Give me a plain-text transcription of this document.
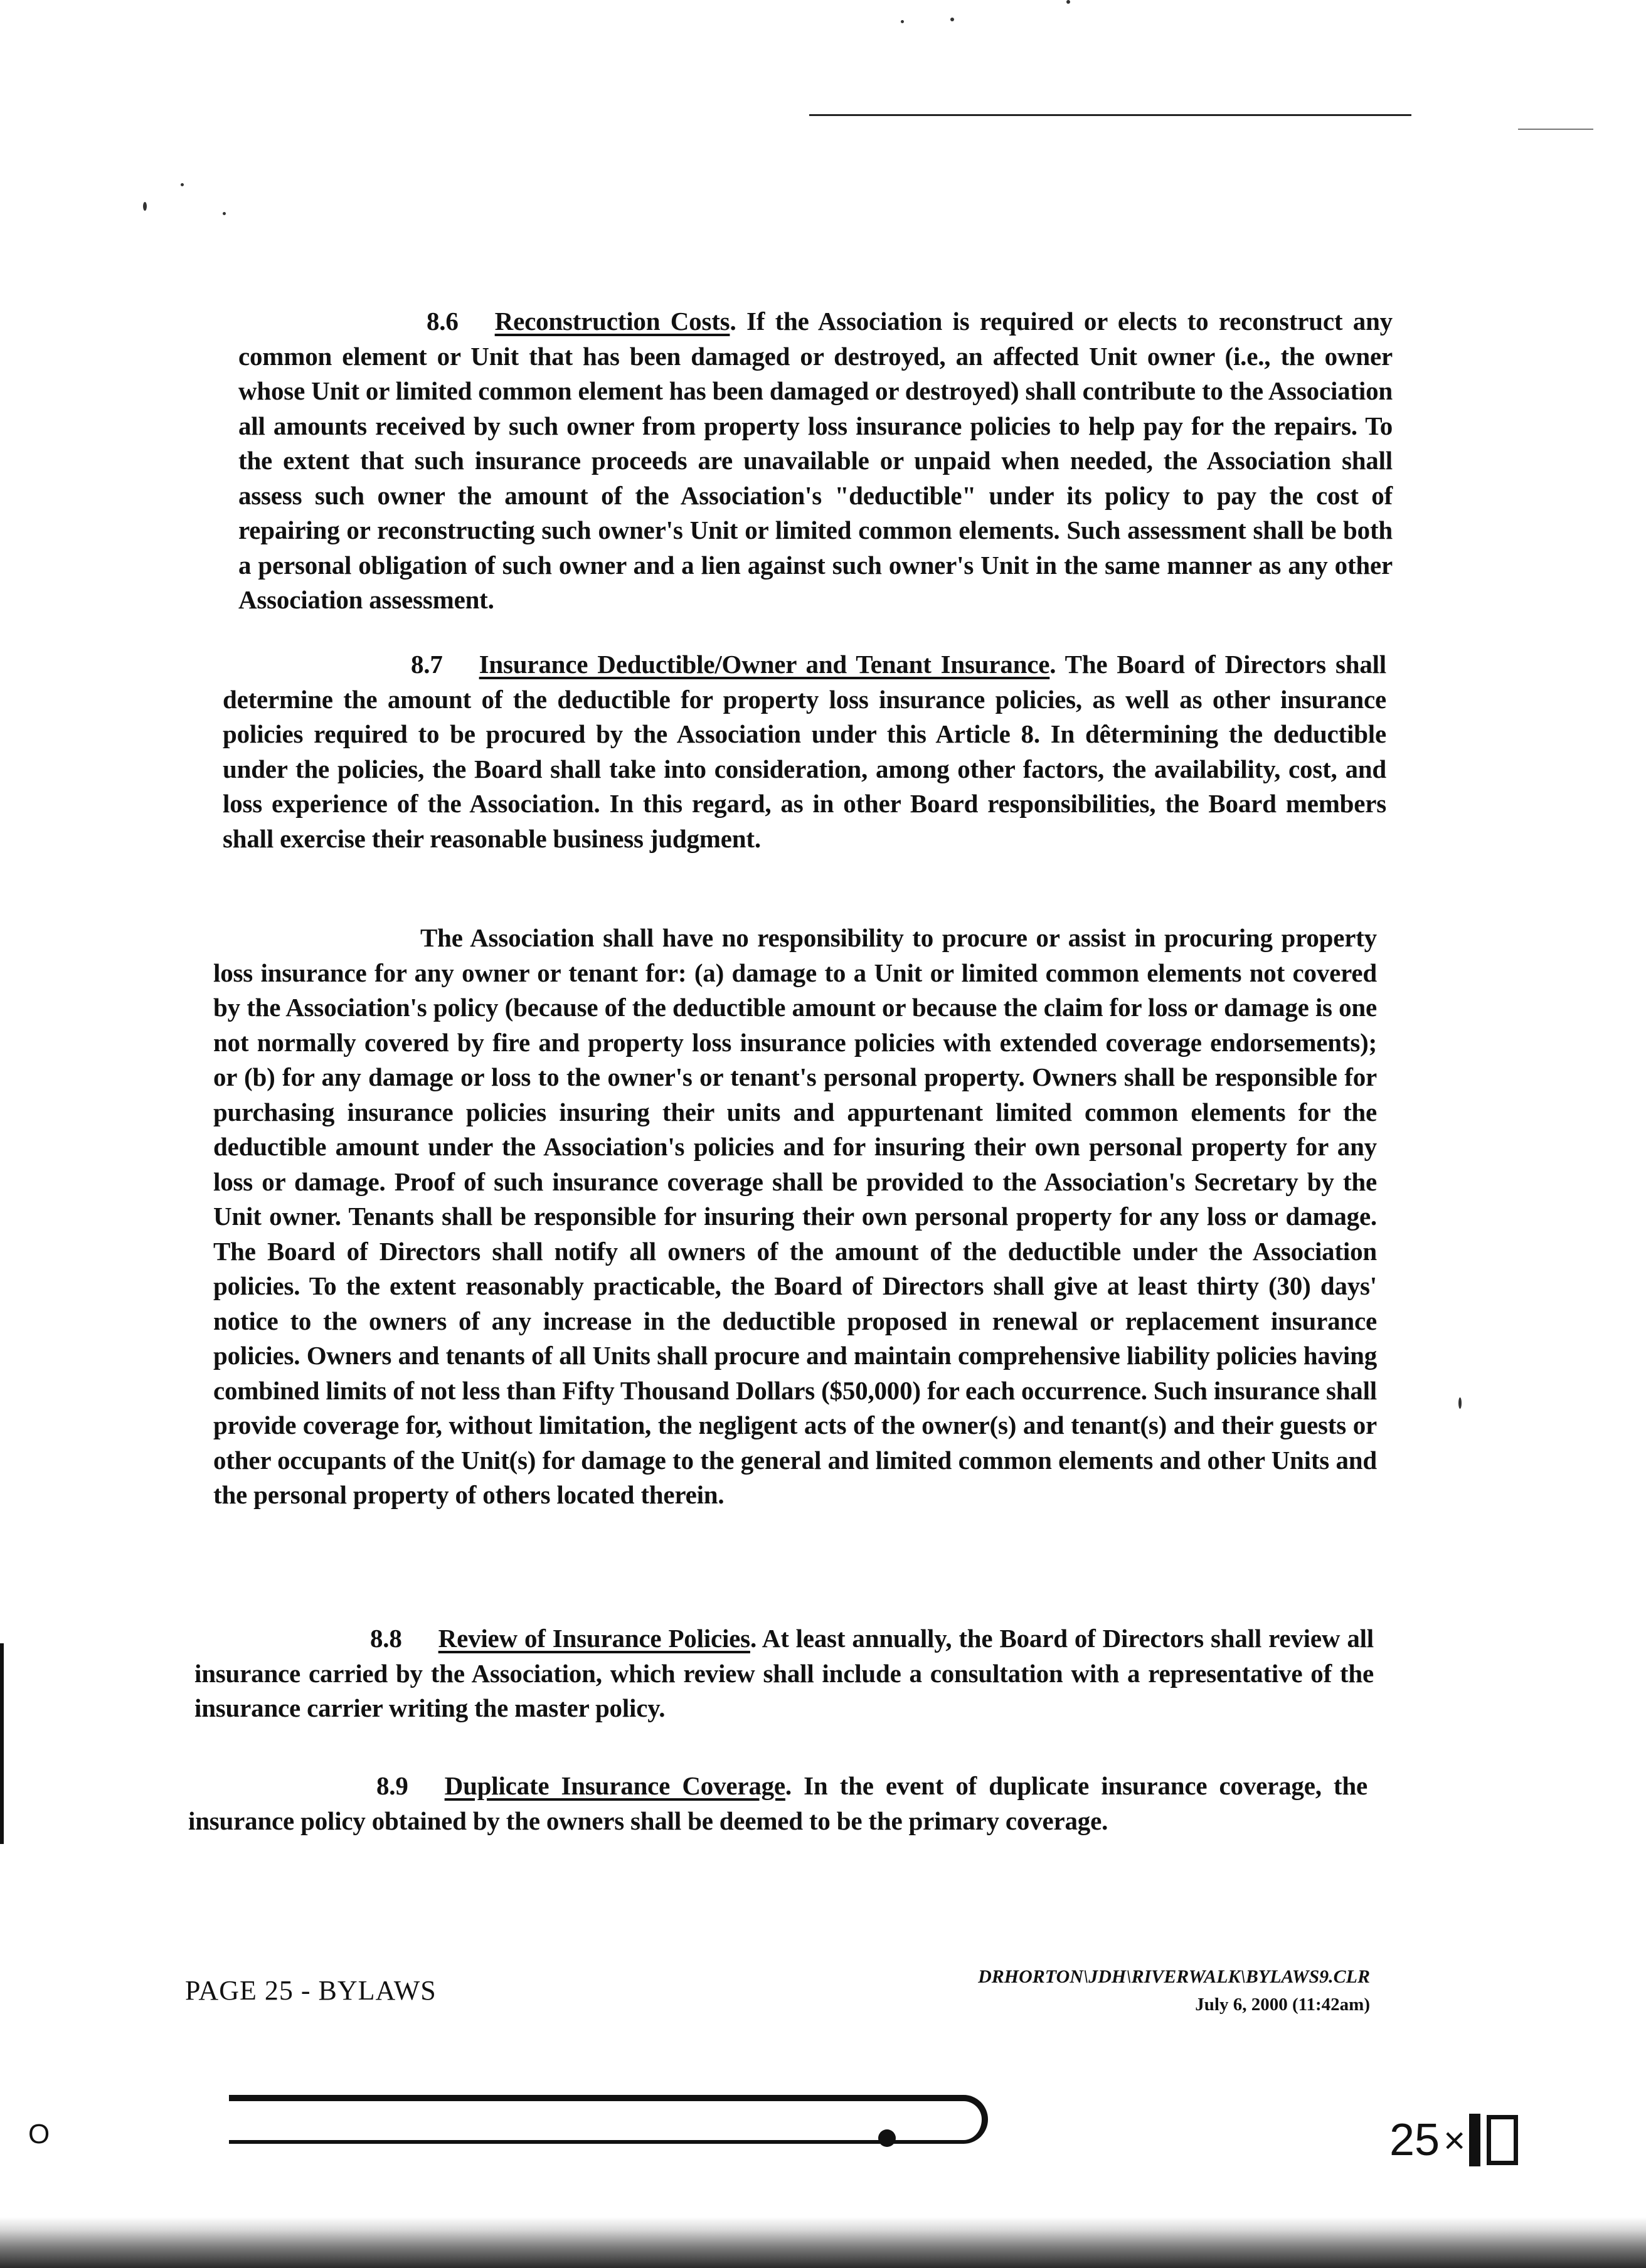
8.6 Reconstruction Costs. If the Association is required or elects to reconstruct any common element or Unit that has been damaged or destroyed, an affected Unit owner (i.e., the owner whose Unit or limited common element has been damaged or destroyed) shall contribute to the Association all amounts received by such owner from property loss insurance policies to help pay for the repairs. To the extent that such insurance proceeds are unavailable or unpaid when needed, the Association shall assess such owner the amount of the Association's "deductible" under its policy to pay the cost of repairing or reconstructing such owner's Unit or limited common elements. Such assessment shall be both a personal obligation of such owner and a lien against such owner's Unit in the same manner as any other Association assessment.

8.7 Insurance Deductible/Owner and Tenant Insurance. The Board of Directors shall determine the amount of the deductible for property loss insurance policies, as well as other insurance policies required to be procured by the Association under this Article 8. In dêtermining the deductible under the policies, the Board shall take into consideration, among other factors, the availability, cost, and loss experience of the Association. In this regard, as in other Board responsibilities, the Board members shall exercise their reasonable business judgment.

The Association shall have no responsibility to procure or assist in procuring property loss insurance for any owner or tenant for: (a) damage to a Unit or limited common elements not covered by the Association's policy (because of the deductible amount or because the claim for loss or damage is one not normally covered by fire and property loss insurance policies with extended coverage endorsements); or (b) for any damage or loss to the owner's or tenant's personal property. Owners shall be responsible for purchasing insurance policies insuring their units and appurtenant limited common elements for the deductible amount under the Association's policies and for insuring their own personal property for any loss or damage. Proof of such insurance coverage shall be provided to the Association's Secretary by the Unit owner. Tenants shall be responsible for insuring their own personal property for any loss or damage. The Board of Directors shall notify all owners of the amount of the deductible under the Association policies. To the extent reasonably practicable, the Board of Directors shall give at least thirty (30) days' notice to the owners of any increase in the deductible proposed in renewal or replacement insurance policies. Owners and tenants of all Units shall procure and maintain comprehensive liability policies having combined limits of not less than Fifty Thousand Dollars ($50,000) for each occurrence. Such insurance shall provide coverage for, without limitation, the negligent acts of the owner(s) and tenant(s) and their guests or other occupants of the Unit(s) for damage to the general and limited common elements and other Units and the personal property of others located therein.

8.8 Review of Insurance Policies. At least annually, the Board of Directors shall review all insurance carried by the Association, which review shall include a consultation with a representative of the insurance carrier writing the master policy.

8.9 Duplicate Insurance Coverage. In the event of duplicate insurance coverage, the insurance policy obtained by the owners shall be deemed to be the primary coverage.

PAGE 25 - BYLAWS	DRHORTON\JDH\RIVERWALK\BYLAWS9.CLR
July 6, 2000 (11:42am)
O	25 ×
